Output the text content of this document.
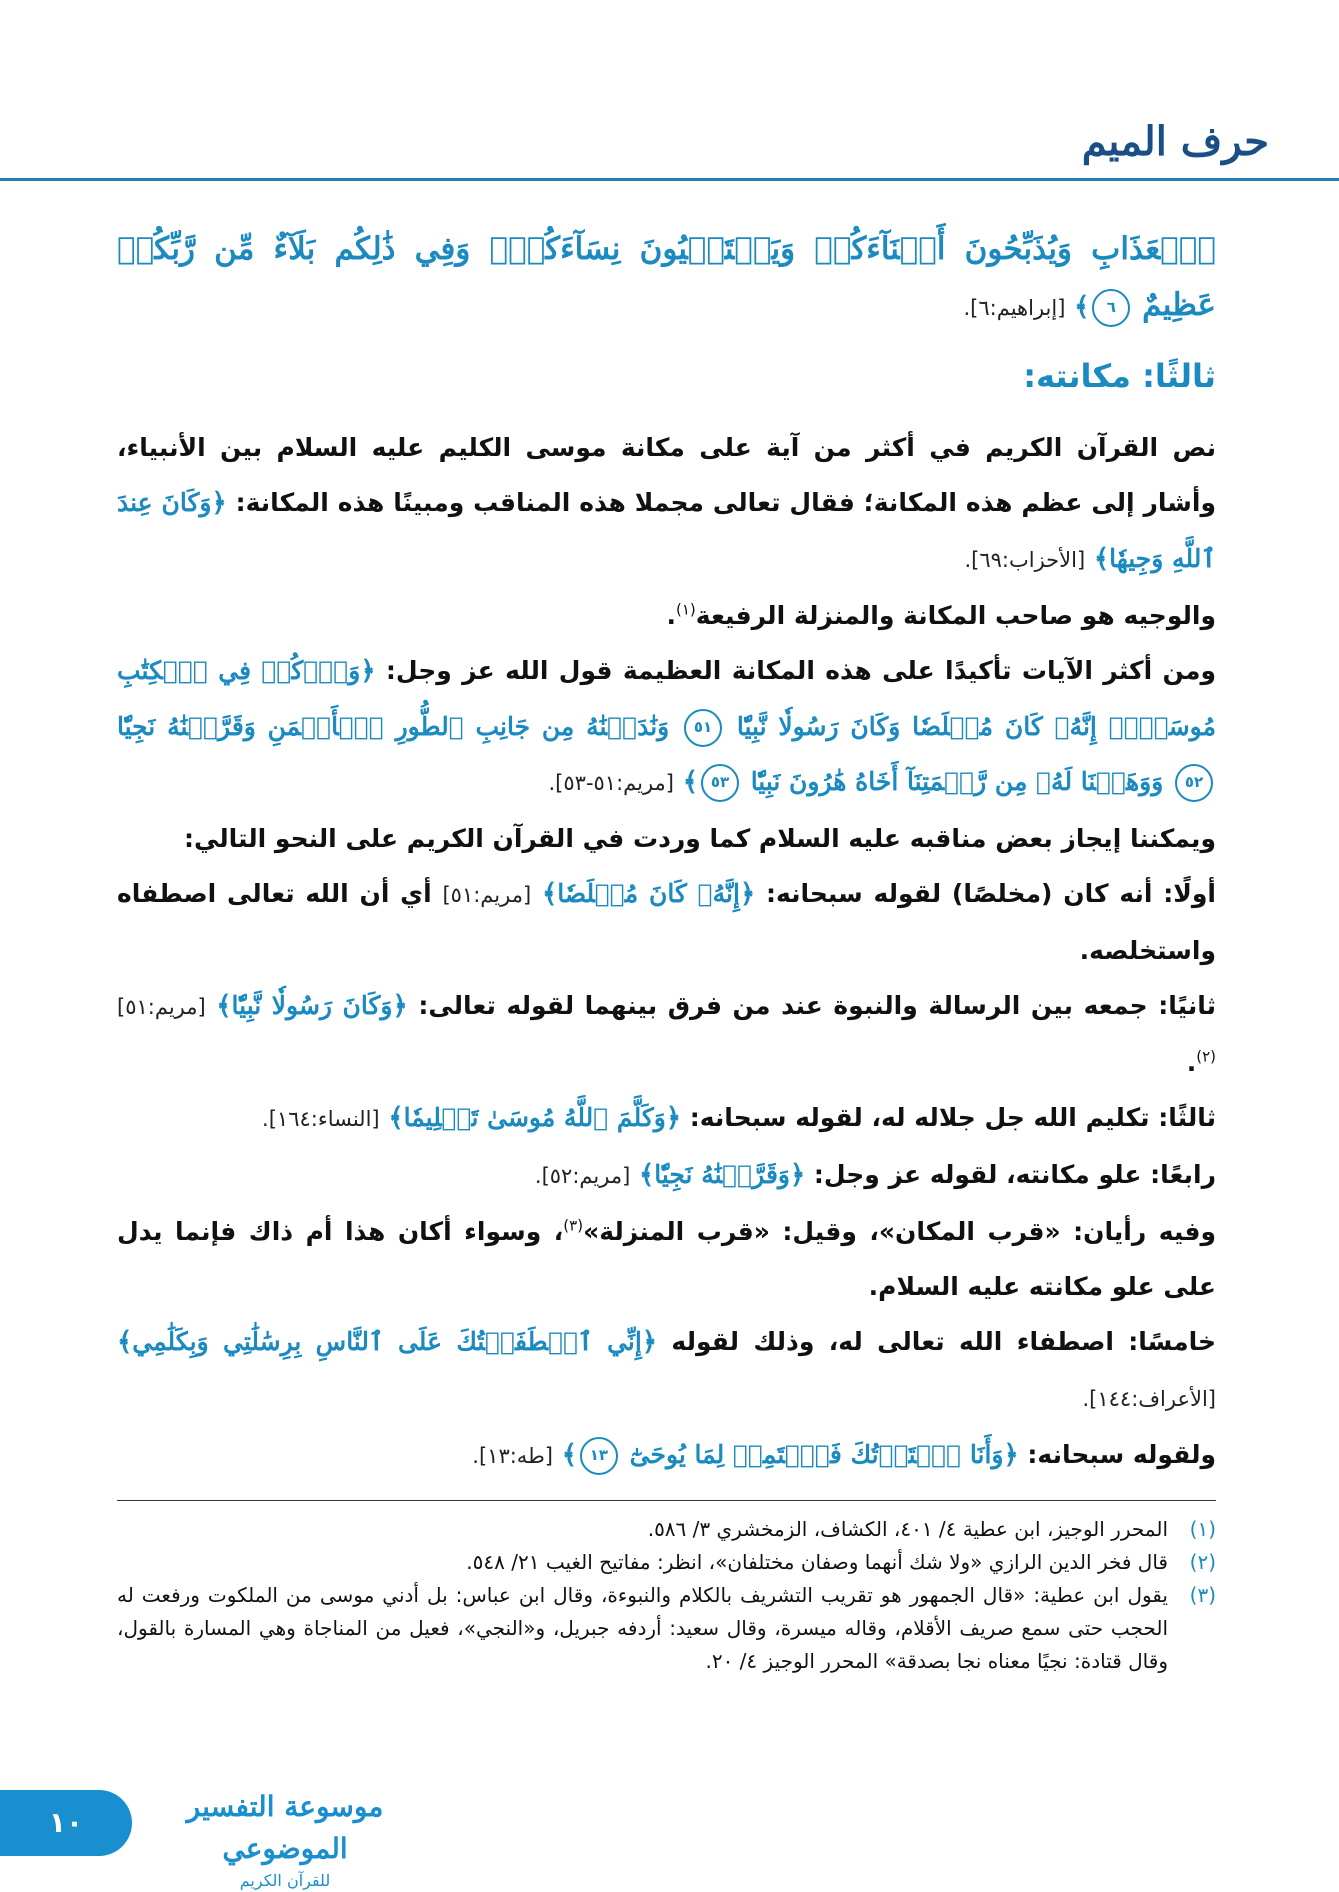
حرف الميم

ٱلۡعَذَابِ وَيُذَبِّحُونَ أَبۡنَآءَكُمۡ وَيَسۡتَحۡيُونَ نِسَآءَكُمۡۚ وَفِي ذَٰلِكُم بَلَآءٌ مِّن رَّبِّكُمۡ عَظِيمٌ ٦﴾ [إبراهيم:٦].

ثالثًا: مكانته:

نص القرآن الكريم في أكثر من آية على مكانة موسى الكليم عليه السلام بين الأنبياء، وأشار إلى عظم هذه المكانة؛ فقال تعالى مجملا هذه المناقب ومبينًا هذه المكانة: ﴿وَكَانَ عِندَ ٱللَّهِ وَجِيهٗا﴾ [الأحزاب:٦٩].

والوجيه هو صاحب المكانة والمنزلة الرفيعة$^{(١)}$.

ومن أكثر الآيات تأكيدًا على هذه المكانة العظيمة قول الله عز وجل: ﴿وَٱذۡكُرۡ فِي ٱلۡكِتَٰبِ مُوسَىٰٓۚ إِنَّهُۥ كَانَ مُخۡلَصٗا وَكَانَ رَسُولٗا نَّبِيّٗا ٥١ وَنَٰدَيۡنَٰهُ مِن جَانِبِ ٱلطُّورِ ٱلۡأَيۡمَنِ وَقَرَّبۡنَٰهُ نَجِيّٗا ٥٢ وَوَهَبۡنَا لَهُۥ مِن رَّحۡمَتِنَآ أَخَاهُ هَٰرُونَ نَبِيّٗا ٥٣﴾ [مريم:٥١-٥٣].

ويمكننا إيجاز بعض مناقبه عليه السلام كما وردت في القرآن الكريم على النحو التالي:

أولًا: أنه كان (مخلصًا) لقوله سبحانه: ﴿إِنَّهُۥ كَانَ مُخۡلَصٗا﴾ [مريم:٥١] أي أن الله تعالى اصطفاه واستخلصه.

ثانيًا: جمعه بين الرسالة والنبوة عند من فرق بينهما لقوله تعالى: ﴿وَكَانَ رَسُولٗا نَّبِيّٗا﴾ [مريم:٥١]$^{(٢)}$.

ثالثًا: تكليم الله جل جلاله له، لقوله سبحانه: ﴿وَكَلَّمَ ٱللَّهُ مُوسَىٰ تَكۡلِيمٗا﴾ [النساء:١٦٤].

رابعًا: علو مكانته، لقوله عز وجل: ﴿وَقَرَّبۡنَٰهُ نَجِيّٗا﴾ [مريم:٥٢].

وفيه رأيان: «قرب المكان»، وقيل: «قرب المنزلة»$^{(٣)}$، وسواء أكان هذا أم ذاك فإنما يدل على علو مكانته عليه السلام.

خامسًا: اصطفاء الله تعالى له، وذلك لقوله ﴿إِنِّي ٱصۡطَفَيۡتُكَ عَلَى ٱلنَّاسِ بِرِسَٰلَٰتِي وَبِكَلَٰمِي﴾ [الأعراف:١٤٤].

ولقوله سبحانه: ﴿وَأَنَا ٱخۡتَرۡتُكَ فَٱسۡتَمِعۡ لِمَا يُوحَىٰٓ ١٣﴾ [طه:١٣].

(١)
المحرر الوجيز، ابن عطية ٤/ ٤٠١، الكشاف، الزمخشري ٣/ ٥٨٦.
(٢)
قال فخر الدين الرازي «ولا شك أنهما وصفان مختلفان»، انظر: مفاتيح الغيب ٢١/ ٥٤٨.
(٣)
يقول ابن عطية: «قال الجمهور هو تقريب التشريف بالكلام والنبوءة، وقال ابن عباس: بل أدني موسى من الملكوت ورفعت له الحجب حتى سمع صريف الأقلام، وقاله ميسرة، وقال سعيد: أردفه جبريل، و«النجي»، فعيل من المناجاة وهي المسارة بالقول، وقال قتادة: نجيًا معناه نجا بصدقة» المحرر الوجيز ٤/ ٢٠.
١٠	موسوعة التفسير الموضوعي
للقرآن الكريم
